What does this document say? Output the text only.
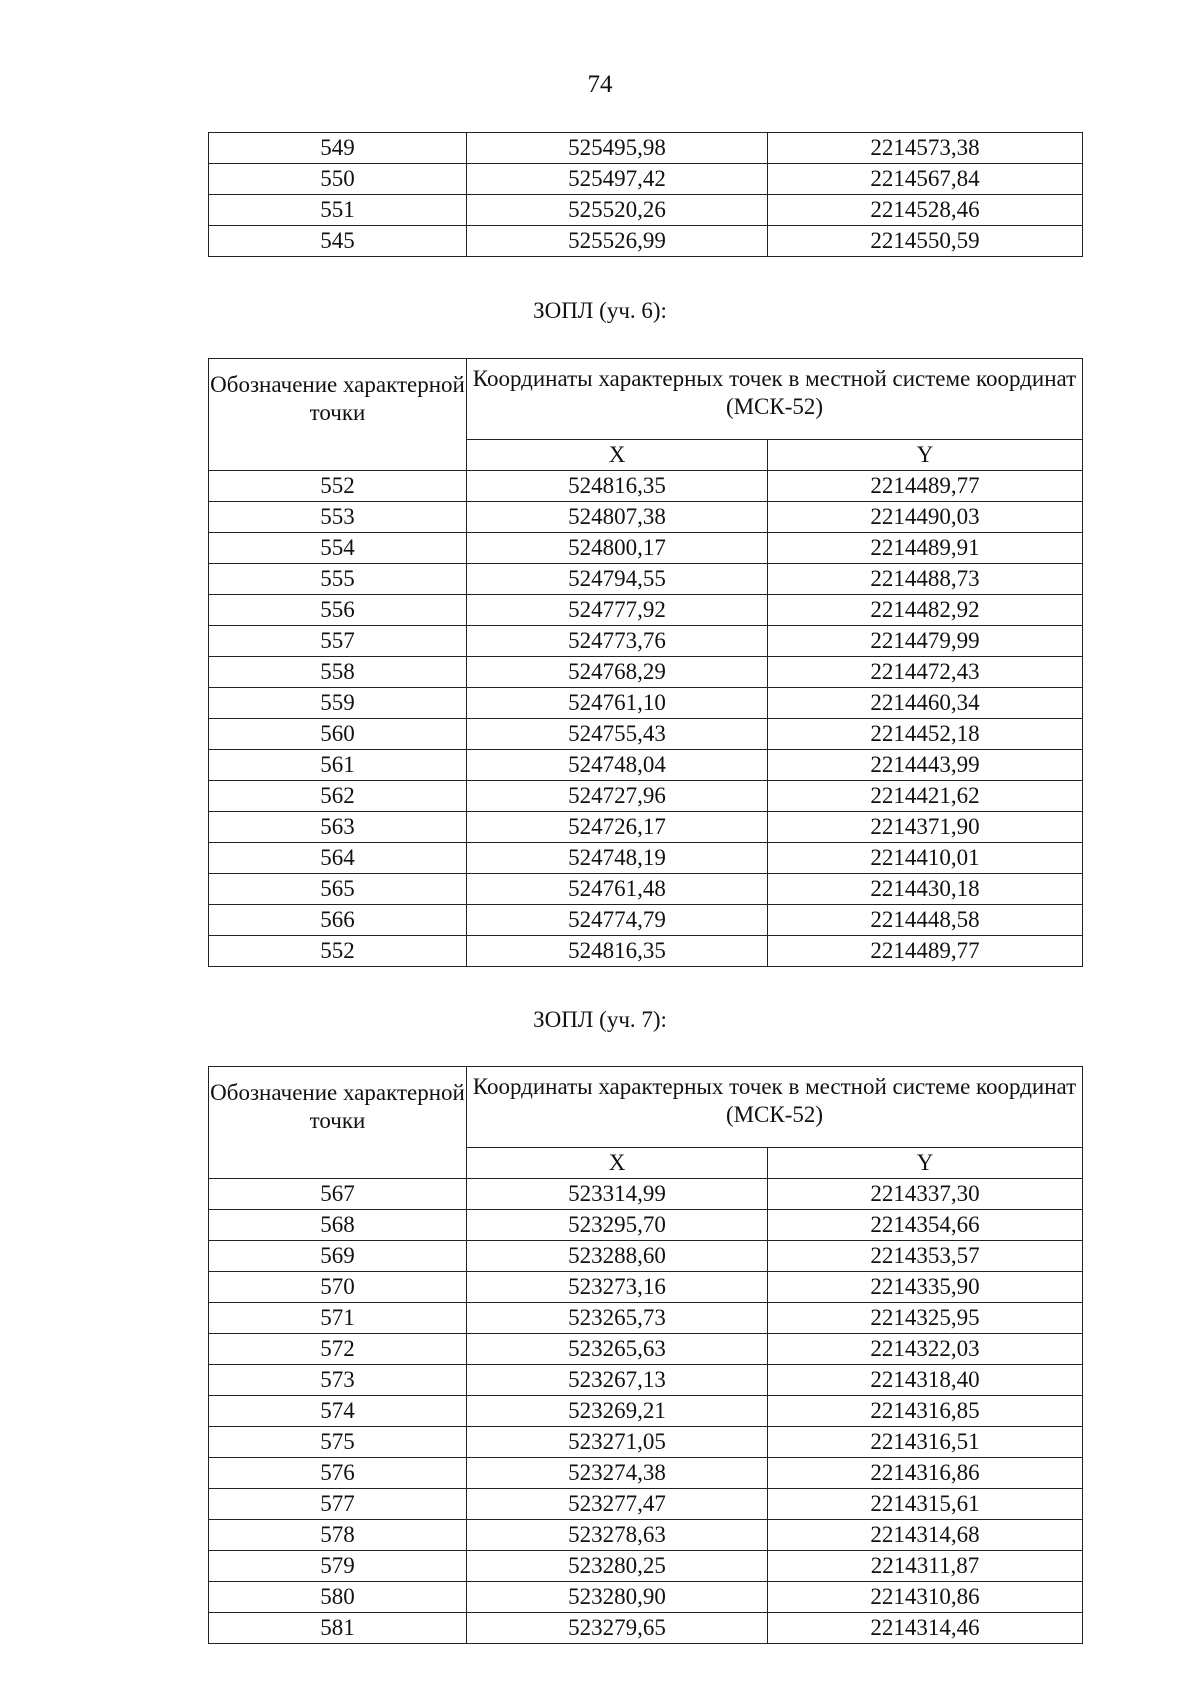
74
549	525495,98	2214573,38
550	525497,42	2214567,84
551	525520,26	2214528,46
545	525526,99	2214550,59
ЗОПЛ (уч. 6):
Обозначение характерной точки	Координаты характерных точек в местной системе координат (МСК-52)	
	X	Y
552	524816,35	2214489,77
553	524807,38	2214490,03
554	524800,17	2214489,91
555	524794,55	2214488,73
556	524777,92	2214482,92
557	524773,76	2214479,99
558	524768,29	2214472,43
559	524761,10	2214460,34
560	524755,43	2214452,18
561	524748,04	2214443,99
562	524727,96	2214421,62
563	524726,17	2214371,90
564	524748,19	2214410,01
565	524761,48	2214430,18
566	524774,79	2214448,58
552	524816,35	2214489,77
ЗОПЛ (уч. 7):
Обозначение характерной точки	Координаты характерных точек в местной системе координат (МСК-52)	
	X	Y
567	523314,99	2214337,30
568	523295,70	2214354,66
569	523288,60	2214353,57
570	523273,16	2214335,90
571	523265,73	2214325,95
572	523265,63	2214322,03
573	523267,13	2214318,40
574	523269,21	2214316,85
575	523271,05	2214316,51
576	523274,38	2214316,86
577	523277,47	2214315,61
578	523278,63	2214314,68
579	523280,25	2214311,87
580	523280,90	2214310,86
581	523279,65	2214314,46
